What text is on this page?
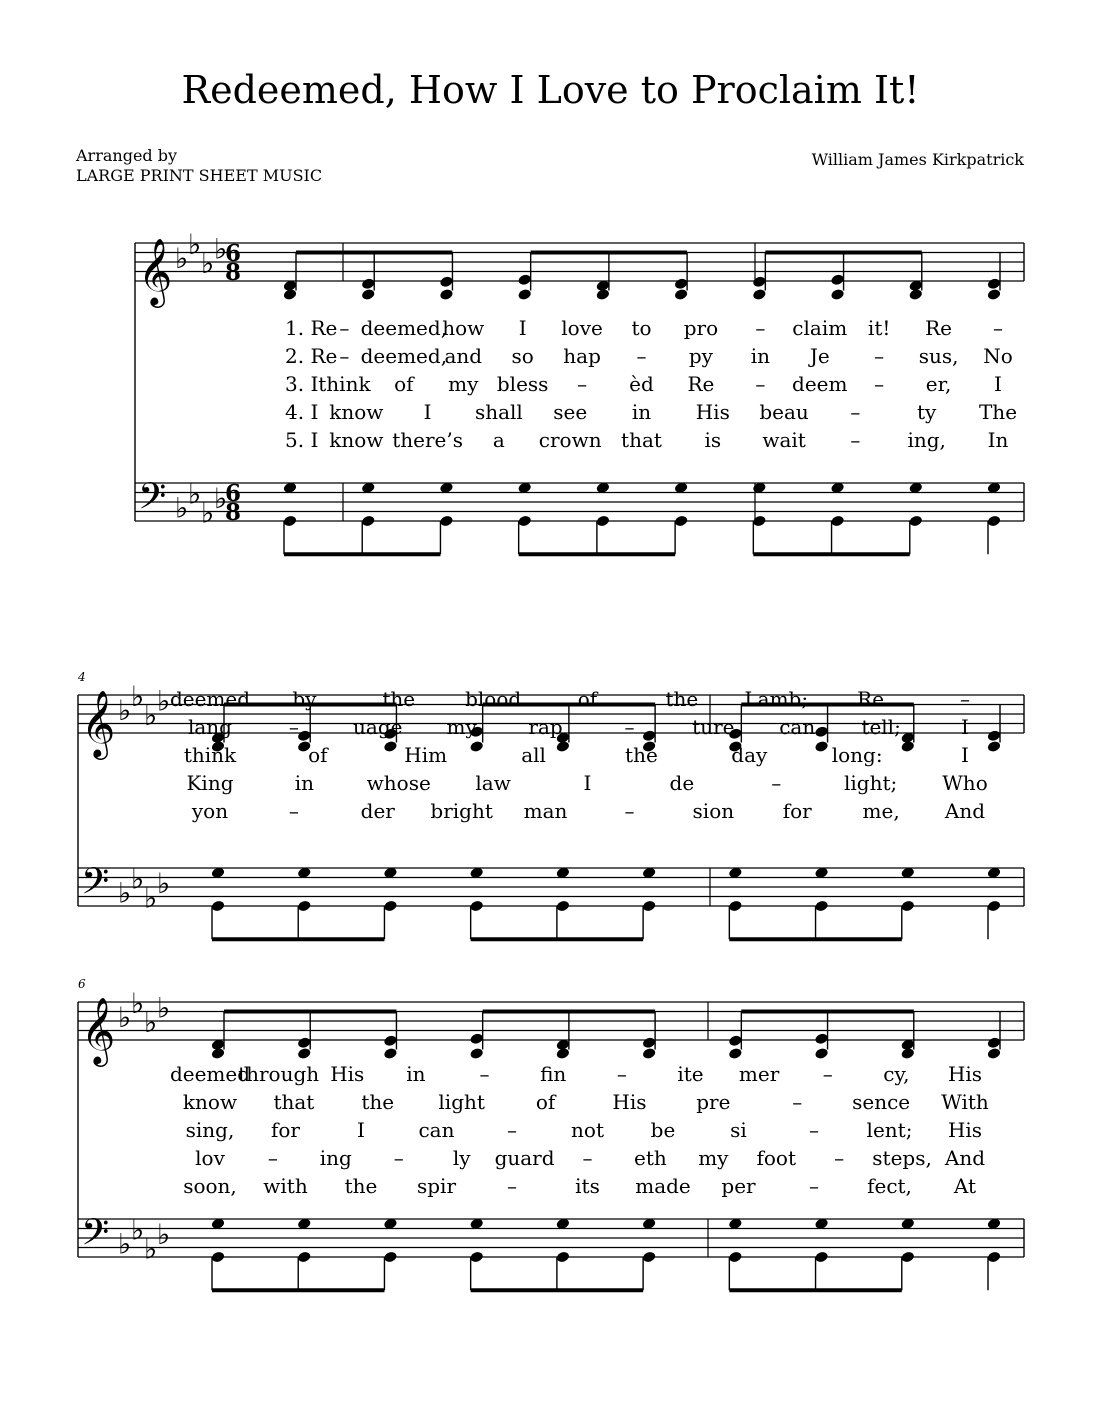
Redeemed, How I Love to Proclaim It!
Arranged by
LARGE PRINT SHEET MUSIC
William James Kirkpatrick
1. Re – deemed,
how I love to pro – claim it! Re –
2. Re – deemed,
and so hap – py in Je – sus, No
3. I think of my bless – èd Re – deem – er, I
4. I know I shall see in His beau –	ty The
5. I know there’s a crown that is wait – ing, In
𝄞 ♭ ♭
♭ ♭
6
8
𝄢 ♭ ♭
♭ ♭
6
8
4
deemed by	the blood	of	the Lamb; Re	–
lang	–	uage my	rap	–	ture can tell;	I
think	of	Him	all	the	day	long:	I
King	in	whose law	I	de	–	light; Who
yon	–	der bright man	–	sion for	me, And
𝄞 ♭ ♭
♭ ♭
𝄢 ♭ ♭
♭ ♭
6
deemed
through His in	–	fin	–	ite mer –	cy, His
know that the light	of	His pre	– sence With
sing, for	I	can	–	not be	si	– lent; His
lov – ing – ly guard – eth my foot – steps, And
soon, with the spir	–	its made per	– fect, At
𝄞 ♭ ♭
♭ ♭
𝄢 ♭ ♭
♭ ♭
